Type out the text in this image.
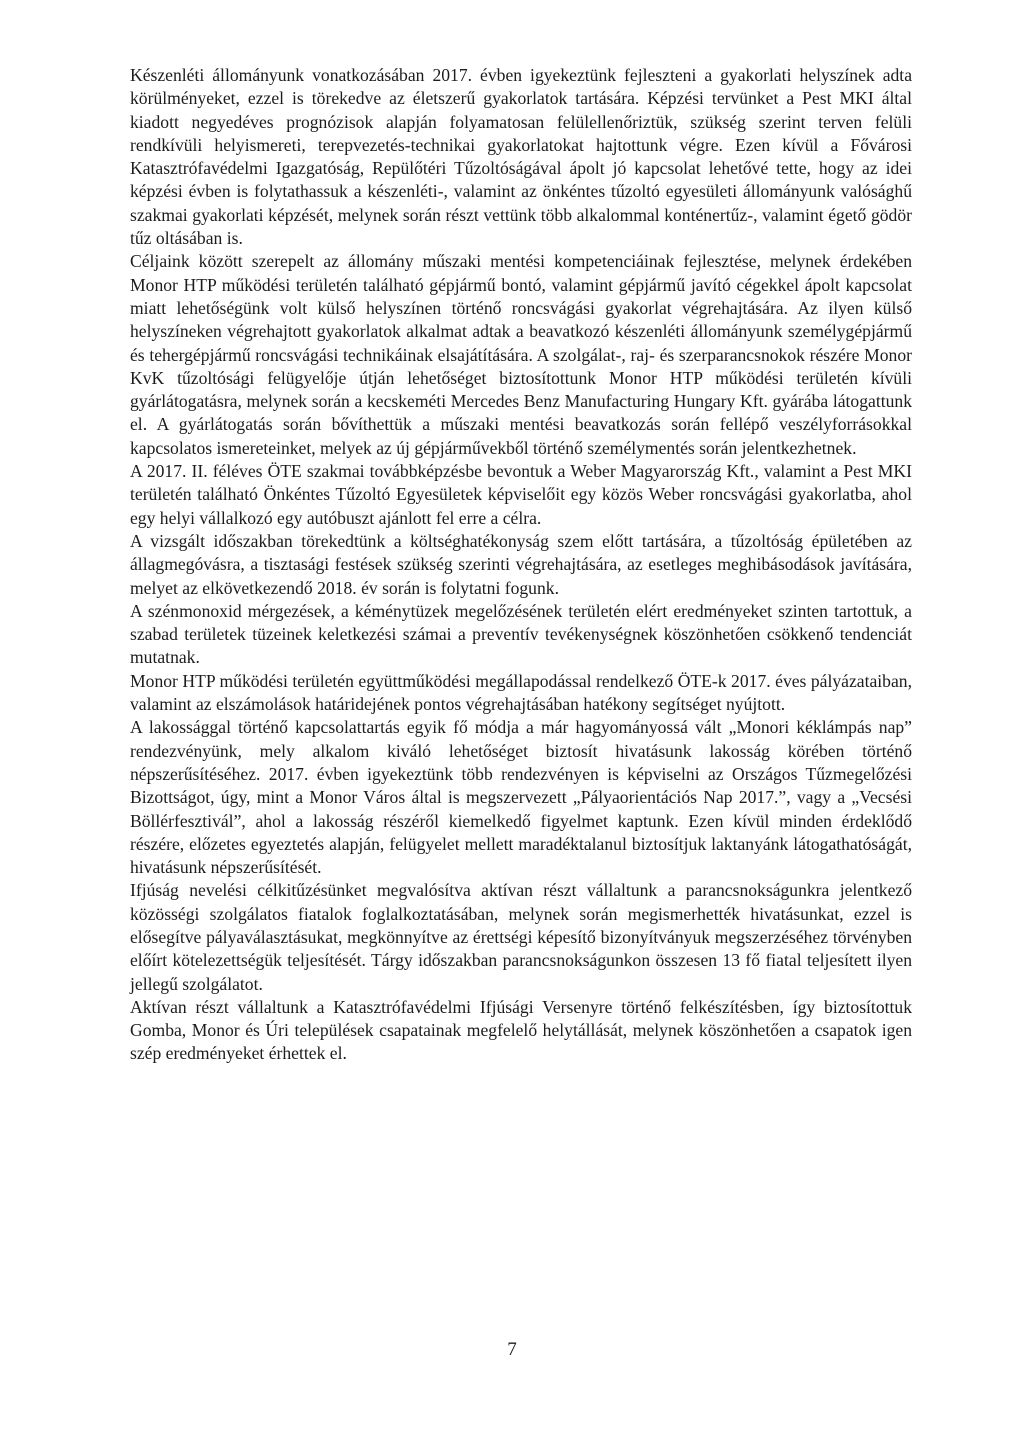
Készenléti állományunk vonatkozásában 2017. évben igyekeztünk fejleszteni a gyakorlati helyszínek adta körülményeket, ezzel is törekedve az életszerű gyakorlatok tartására. Képzési tervünket a Pest MKI által kiadott negyedéves prognózisok alapján folyamatosan felülellenőriztük, szükség szerint terven felüli rendkívüli helyismereti, terepvezetés-technikai gyakorlatokat hajtottunk végre. Ezen kívül a Fővárosi Katasztrófavédelmi Igazgatóság, Repülőtéri Tűzoltóságával ápolt jó kapcsolat lehetővé tette, hogy az idei képzési évben is folytathassuk a készenléti-, valamint az önkéntes tűzoltó egyesületi állományunk valósághű szakmai gyakorlati képzését, melynek során részt vettünk több alkalommal konténertűz-, valamint égető gödör tűz oltásában is.

Céljaink között szerepelt az állomány műszaki mentési kompetenciáinak fejlesztése, melynek érdekében Monor HTP működési területén található gépjármű bontó, valamint gépjármű javító cégekkel ápolt kapcsolat miatt lehetőségünk volt külső helyszínen történő roncsvágási gyakorlat végrehajtására. Az ilyen külső helyszíneken végrehajtott gyakorlatok alkalmat adtak a beavatkozó készenléti állományunk személygépjármű és tehergépjármű roncsvágási technikáinak elsajátítására. A szolgálat-, raj- és szerparancsnokok részére Monor KvK tűzoltósági felügyelője útján lehetőséget biztosítottunk Monor HTP működési területén kívüli gyárlátogatásra, melynek során a kecskeméti Mercedes Benz Manufacturing Hungary Kft. gyárába látogattunk el. A gyárlátogatás során bővíthettük a műszaki mentési beavatkozás során fellépő veszélyforrásokkal kapcsolatos ismereteinket, melyek az új gépjárművekből történő személymentés során jelentkezhetnek.

A 2017. II. féléves ÖTE szakmai továbbképzésbe bevontuk a Weber Magyarország Kft., valamint a Pest MKI területén található Önkéntes Tűzoltó Egyesületek képviselőit egy közös Weber roncsvágási gyakorlatba, ahol egy helyi vállalkozó egy autóbuszt ajánlott fel erre a célra.

A vizsgált időszakban törekedtünk a költséghatékonyság szem előtt tartására, a tűzoltóság épületében az állagmegóvásra, a tisztasági festések szükség szerinti végrehajtására, az esetleges meghibásodások javítására, melyet az elkövetkezendő 2018. év során is folytatni fogunk.

A szénmonoxid mérgezések, a kéménytüzek megelőzésének területén elért eredményeket szinten tartottuk, a szabad területek tüzeinek keletkezési számai a preventív tevékenységnek köszönhetően csökkenő tendenciát mutatnak.

Monor HTP működési területén együttműködési megállapodással rendelkező ÖTE-k 2017. éves pályázataiban, valamint az elszámolások határidejének pontos végrehajtásában hatékony segítséget nyújtott.

A lakossággal történő kapcsolattartás egyik fő módja a már hagyományossá vált „Monori kéklámpás nap” rendezvényünk, mely alkalom kiváló lehetőséget biztosít hivatásunk lakosság körében történő népszerűsítéséhez. 2017. évben igyekeztünk több rendezvényen is képviselni az Országos Tűzmegelőzési Bizottságot, úgy, mint a Monor Város által is megszervezett „Pályaorientációs Nap 2017.”, vagy a „Vecsési Böllérfesztivál”, ahol a lakosság részéről kiemelkedő figyelmet kaptunk. Ezen kívül minden érdeklődő részére, előzetes egyeztetés alapján, felügyelet mellett maradéktalanul biztosítjuk laktanyánk látogathatóságát, hivatásunk népszerűsítését.

Ifjúság nevelési célkitűzésünket megvalósítva aktívan részt vállaltunk a parancsnokságunkra jelentkező közösségi szolgálatos fiatalok foglalkoztatásában, melynek során megismerhették hivatásunkat, ezzel is elősegítve pályaválasztásukat, megkönnyítve az érettségi képesítő bizonyítványuk megszerzéséhez törvényben előírt kötelezettségük teljesítését. Tárgy időszakban parancsnokságunkon összesen 13 fő fiatal teljesített ilyen jellegű szolgálatot.

Aktívan részt vállaltunk a Katasztrófavédelmi Ifjúsági Versenyre történő felkészítésben, így biztosítottuk Gomba, Monor és Úri települések csapatainak megfelelő helytállását, melynek köszönhetően a csapatok igen szép eredményeket érhettek el.

7
